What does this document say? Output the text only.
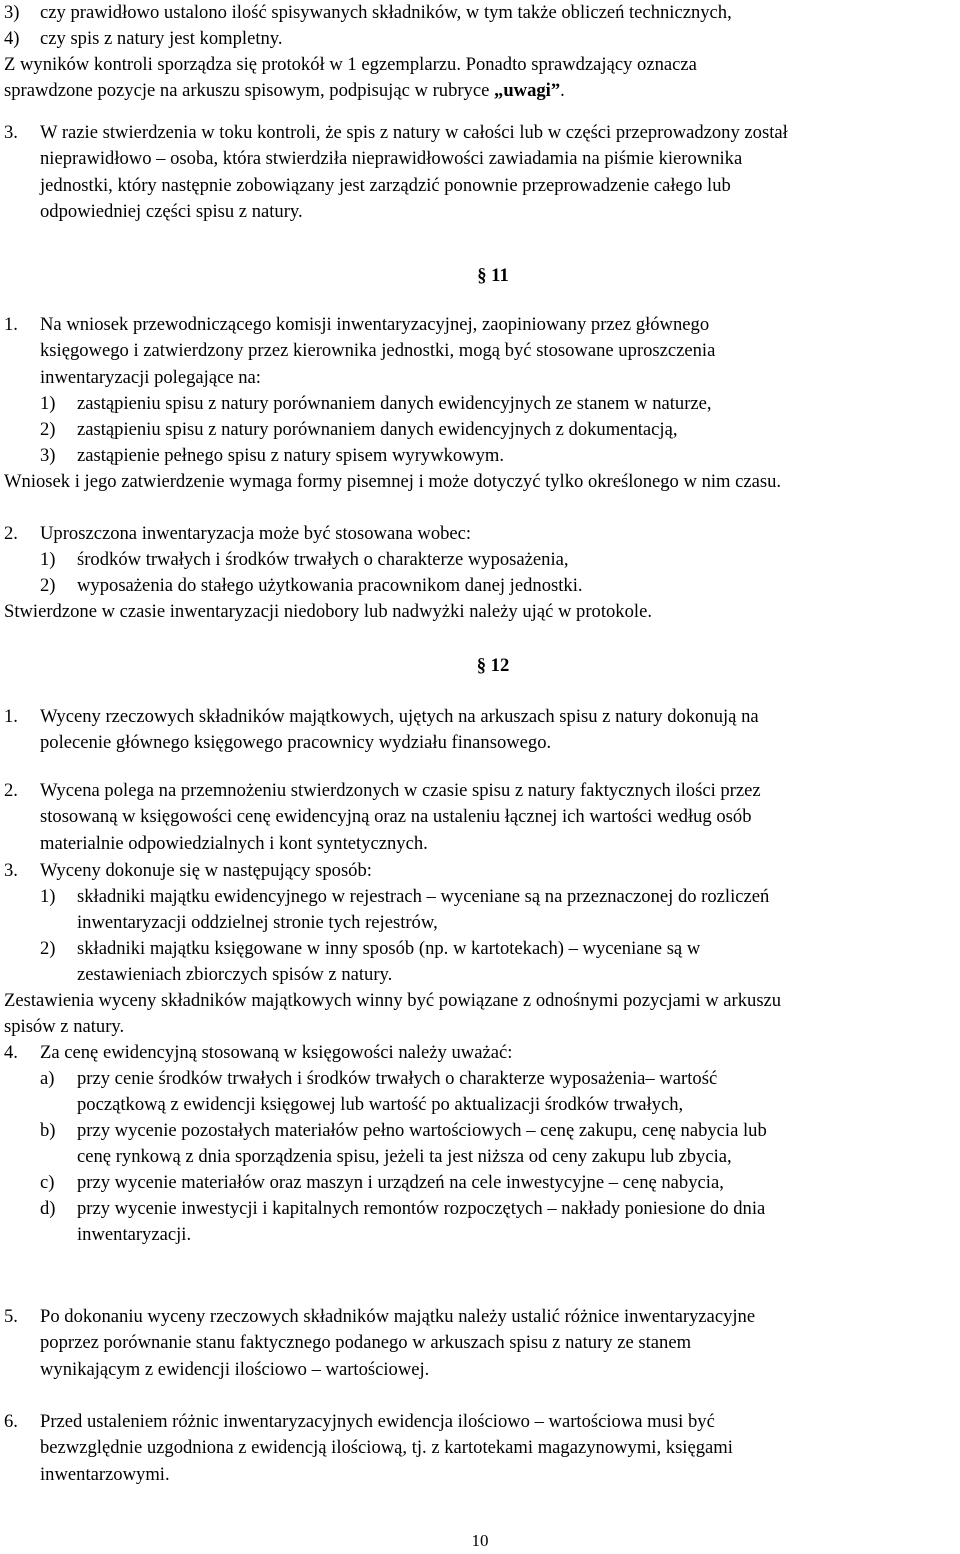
3) czy prawidłowo ustalono ilość spisywanych składników, w tym także obliczeń technicznych,
4) czy spis z natury jest kompletny.
Z wyników kontroli sporządza się protokół w 1 egzemplarzu. Ponadto sprawdzający oznacza
sprawdzone pozycje na arkuszu spisowym, podpisując w rubryce „uwagi”.
3. W razie stwierdzenia w toku kontroli, że spis z natury w całości lub w części przeprowadzony został
nieprawidłowo – osoba, która stwierdziła nieprawidłowości zawiadamia na piśmie kierownika
jednostki, który następnie zobowiązany jest zarządzić ponownie przeprowadzenie całego lub
odpowiedniej części spisu z natury.
§ 11
1. Na wniosek przewodniczącego komisji inwentaryzacyjnej, zaopiniowany przez głównego
księgowego i zatwierdzony przez kierownika jednostki, mogą być stosowane uproszczenia
inwentaryzacji polegające na:
1) zastąpieniu spisu z natury porównaniem danych ewidencyjnych ze stanem w naturze,
2) zastąpieniu spisu z natury porównaniem danych ewidencyjnych z dokumentacją,
3) zastąpienie pełnego spisu z natury spisem wyrywkowym.
Wniosek i jego zatwierdzenie wymaga formy pisemnej i może dotyczyć tylko określonego w nim czasu.
2. Uproszczona inwentaryzacja może być stosowana wobec:
1) środków trwałych i środków trwałych o charakterze wyposażenia,
2) wyposażenia do stałego użytkowania pracownikom danej jednostki.
Stwierdzone w czasie inwentaryzacji niedobory lub nadwyżki należy ująć w protokole.
§ 12
1. Wyceny rzeczowych składników majątkowych, ujętych na arkuszach spisu z natury dokonują na
polecenie głównego księgowego pracownicy wydziału finansowego.
2. Wycena polega na przemnożeniu stwierdzonych w czasie spisu z natury faktycznych ilości przez
stosowaną w księgowości cenę ewidencyjną oraz na ustaleniu łącznej ich wartości według osób
materialnie odpowiedzialnych i kont syntetycznych.
3. Wyceny dokonuje się w następujący sposób:
1) składniki majątku ewidencyjnego w rejestrach – wyceniane są na przeznaczonej do rozliczeń
inwentaryzacji oddzielnej stronie tych rejestrów,
2) składniki majątku księgowane w inny sposób (np. w kartotekach) – wyceniane są w
zestawieniach zbiorczych spisów z natury.
Zestawienia wyceny składników majątkowych winny być powiązane z odnośnymi pozycjami w arkuszu
spisów z natury.
4. Za cenę ewidencyjną stosowaną w księgowości należy uważać:
a) przy cenie środków trwałych i środków trwałych o charakterze wyposażenia– wartość
początkową z ewidencji księgowej lub wartość po aktualizacji środków trwałych,
b) przy wycenie pozostałych materiałów pełno wartościowych – cenę zakupu, cenę nabycia lub
cenę rynkową z dnia sporządzenia spisu, jeżeli ta jest niższa od ceny zakupu lub zbycia,
c) przy wycenie materiałów oraz maszyn i urządzeń na cele inwestycyjne – cenę nabycia,
d) przy wycenie inwestycji i kapitalnych remontów rozpoczętych – nakłady poniesione do dnia
inwentaryzacji.
5. Po dokonaniu wyceny rzeczowych składników majątku należy ustalić różnice inwentaryzacyjne
poprzez porównanie stanu faktycznego podanego w arkuszach spisu z natury ze stanem
wynikającym z ewidencji ilościowo – wartościowej.
6. Przed ustaleniem różnic inwentaryzacyjnych ewidencja ilościowo – wartościowa musi być
bezwzględnie uzgodniona z ewidencją ilościową, tj. z kartotekami magazynowymi, księgami
inwentarzowymi.
10
